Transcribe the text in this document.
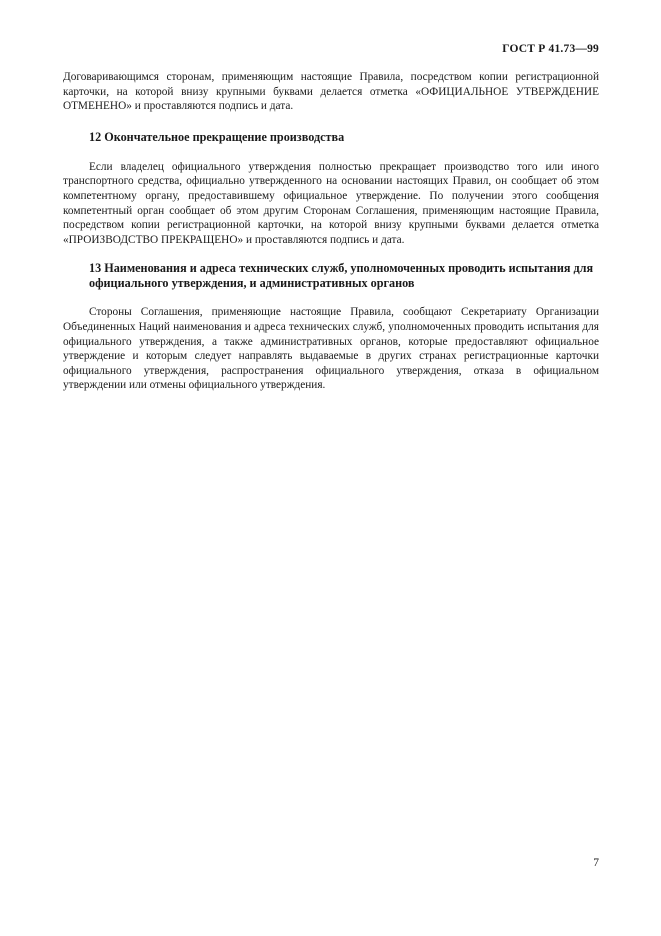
ГОСТ Р 41.73—99

Договаривающимся сторонам, применяющим настоящие Правила, посредством копии регистрационной карточки, на которой внизу крупными буквами делается отметка «ОФИЦИАЛЬНОЕ УТВЕРЖДЕНИЕ ОТМЕНЕНО» и проставляются подпись и дата.

12 Окончательное прекращение производства

Если владелец официального утверждения полностью прекращает производство того или иного транспортного средства, официально утвержденного на основании настоящих Правил, он сообщает об этом компетентному органу, предоставившему официальное утверждение. По получении этого сообщения компетентный орган сообщает об этом другим Сторонам Соглашения, применяющим настоящие Правила, посредством копии регистрационной карточки, на которой внизу крупными буквами делается отметка «ПРОИЗВОДСТВО ПРЕКРАЩЕНО» и проставляются подпись и дата.

13 Наименования и адреса технических служб, уполномоченных проводить испытания для официального утверждения, и административных органов

Стороны Соглашения, применяющие настоящие Правила, сообщают Секретариату Организации Объединенных Наций наименования и адреса технических служб, уполномоченных проводить испытания для официального утверждения, а также административных органов, которые предоставляют официальное утверждение и которым следует направлять выдаваемые в других странах регистрационные карточки официального утверждения, распространения официального утверждения, отказа в официальном утверждении или отмены официального утверждения.

7
